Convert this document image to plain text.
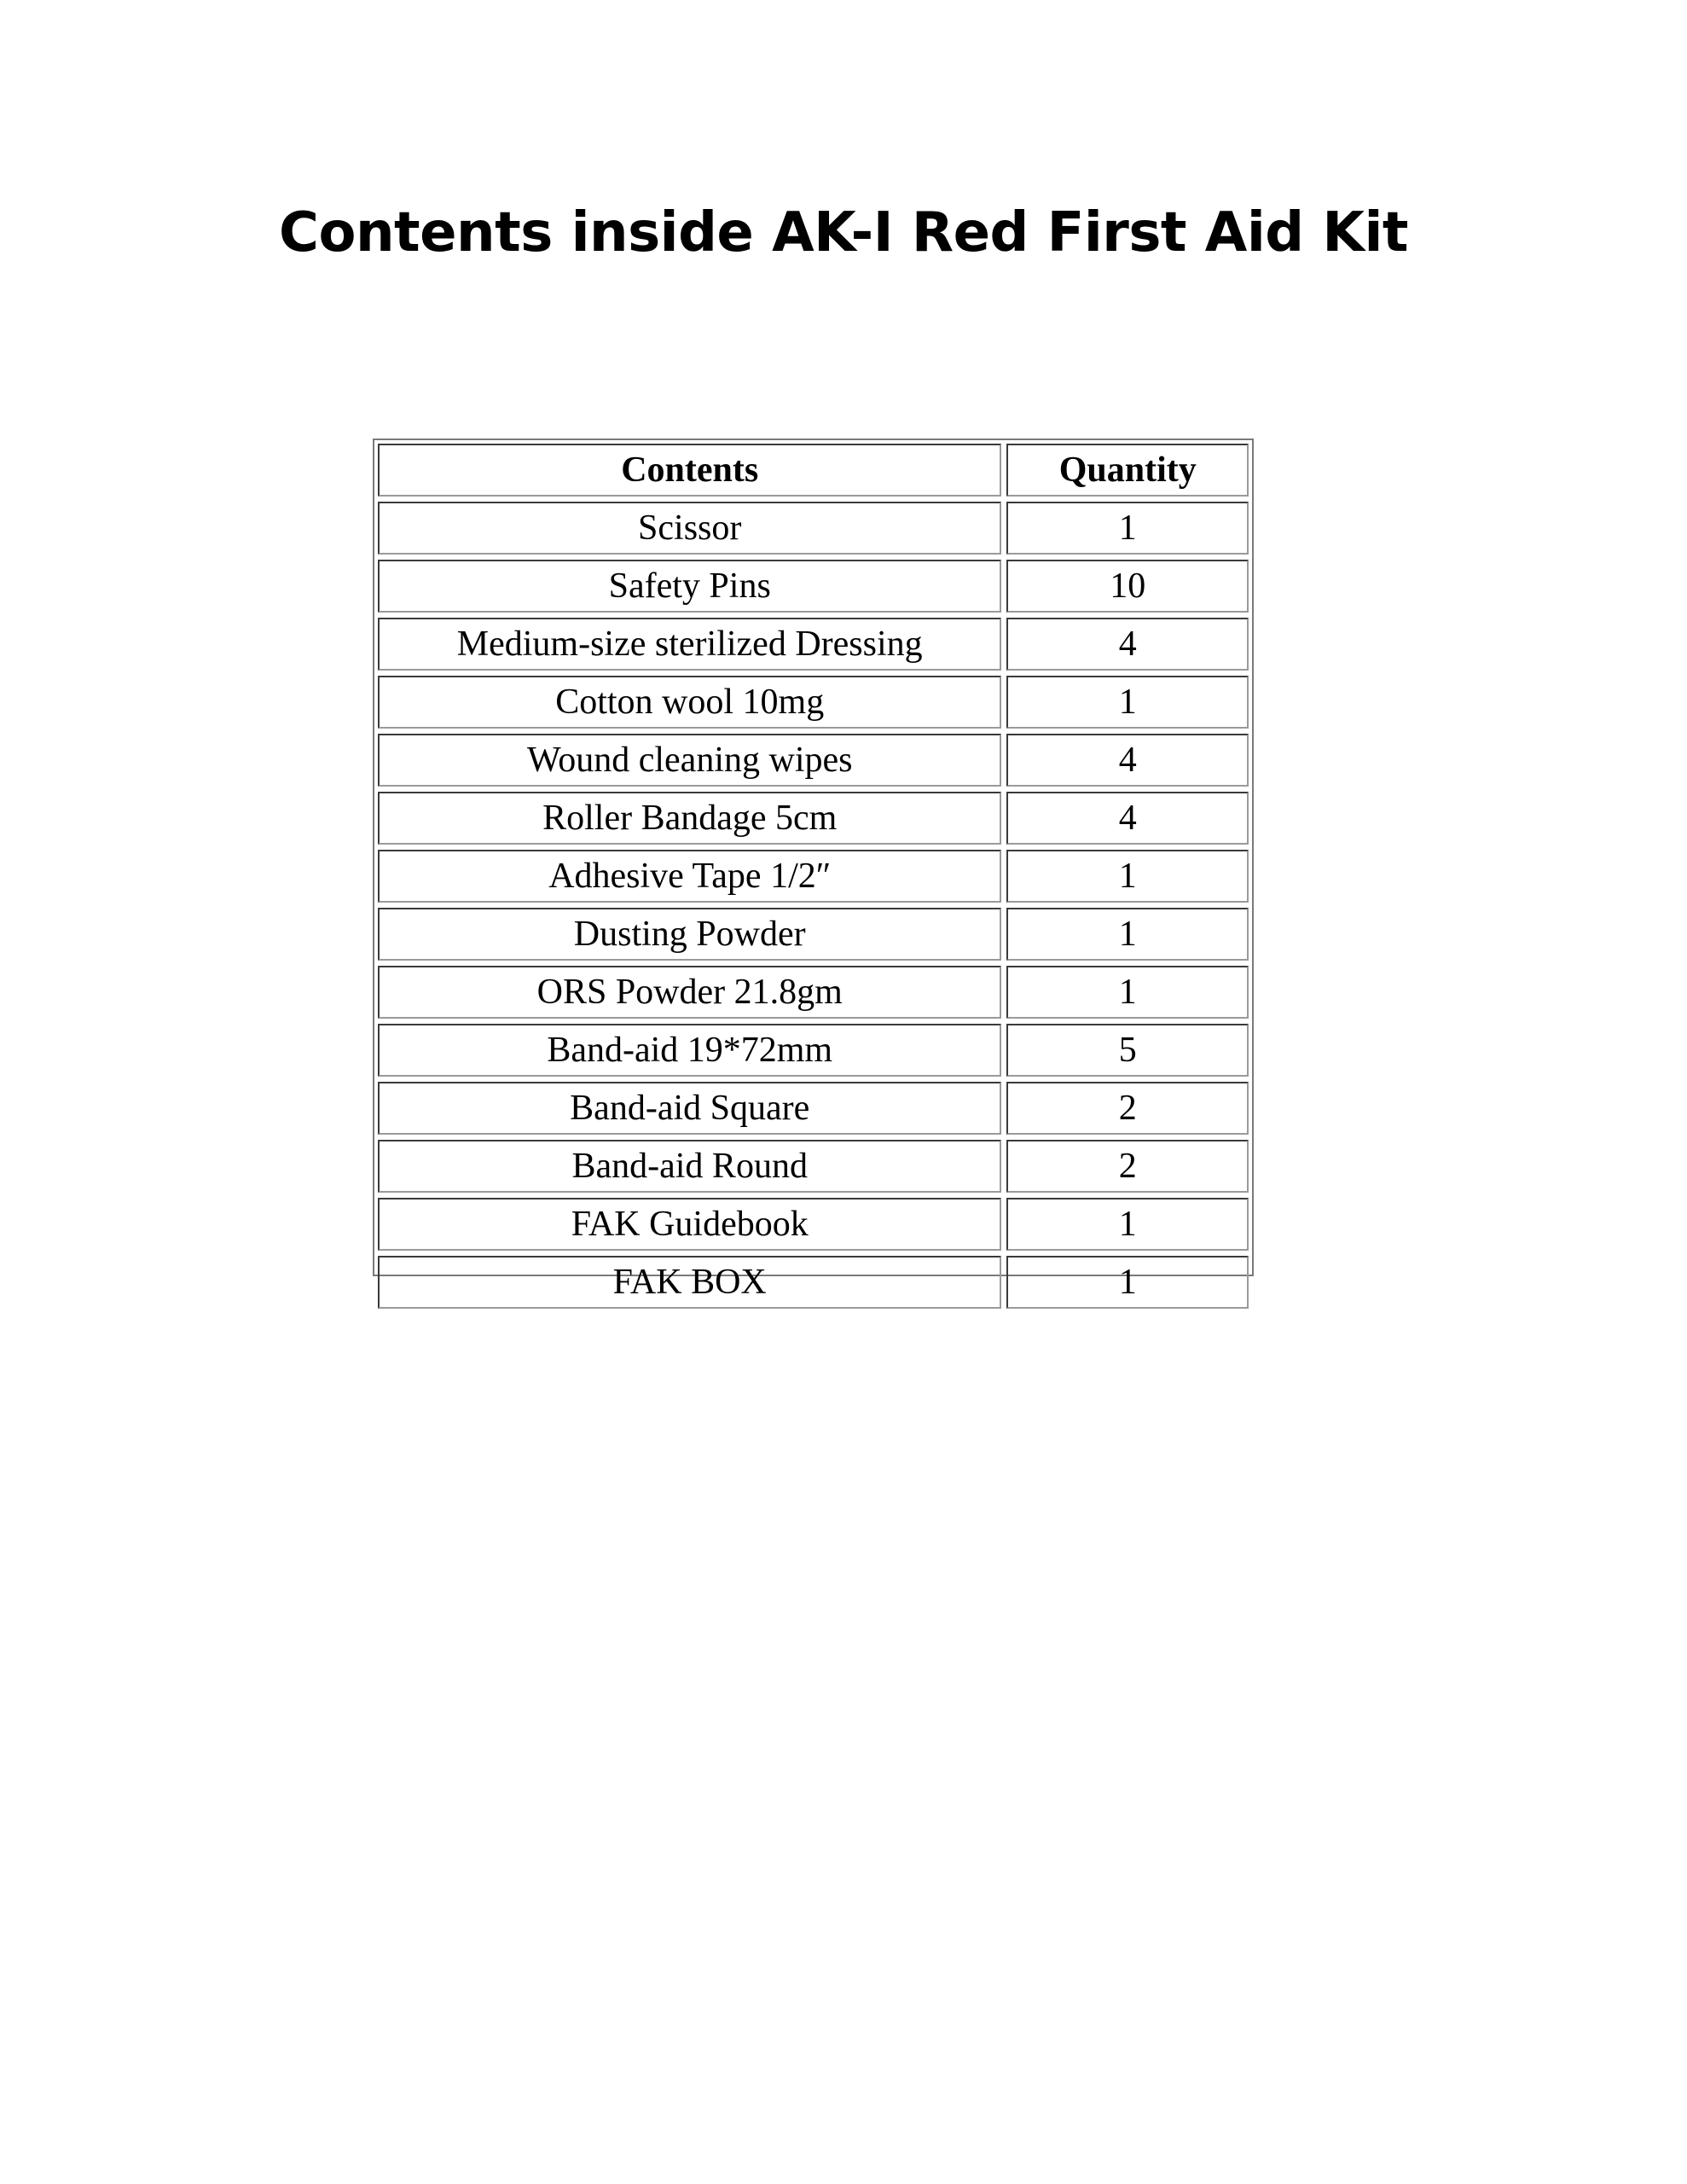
Contents inside AK-I Red First Aid Kit
Contents	Quantity
Scissor	1
Safety Pins	10
Medium-size sterilized Dressing	4
Cotton wool 10mg	1
Wound cleaning wipes	4
Roller Bandage 5cm	4
Adhesive Tape 1/2″	1
Dusting Powder	1
ORS Powder 21.8gm	1
Band-aid 19*72mm	5
Band-aid Square	2
Band-aid Round	2
FAK Guidebook	1
FAK BOX	1
